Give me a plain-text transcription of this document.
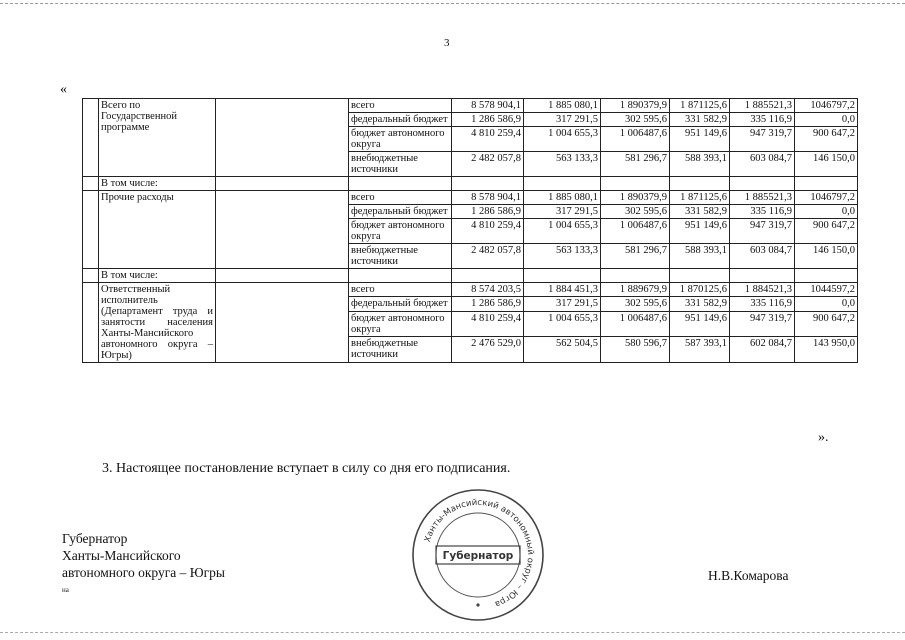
3
«
	Всего по Государственной программе		всего	8 578 904,1	1 885 080,1	1 890379,9	1 871125,6	1 885521,3	1046797,2
			федеральный бюджет	1 286 586,9	317 291,5	302 595,6	331 582,9	335 116,9	0,0
			бюджет автономного округа	4 810 259,4	1 004 655,3	1 006487,6	951 149,6	947 319,7	900 647,2
			внебюджетные источники	2 482 057,8	563 133,3	581 296,7	588 393,1	603 084,7	146 150,0
	В том числе:								
	Прочие расходы		всего	8 578 904,1	1 885 080,1	1 890379,9	1 871125,6	1 885521,3	1046797,2
			федеральный бюджет	1 286 586,9	317 291,5	302 595,6	331 582,9	335 116,9	0,0
			бюджет автономного округа	4 810 259,4	1 004 655,3	1 006487,6	951 149,6	947 319,7	900 647,2
			внебюджетные источники	2 482 057,8	563 133,3	581 296,7	588 393,1	603 084,7	146 150,0
	В том числе:								
	Ответственный исполнитель (Департамент труда и занятости населения Ханты-Мансийского автономного округа – Югры)		всего	8 574 203,5	1 884 451,3	1 889679,9	1 870125,6	1 884521,3	1044597,2
			федеральный бюджет	1 286 586,9	317 291,5	302 595,6	331 582,9	335 116,9	0,0
			бюджет автономного округа	4 810 259,4	1 004 655,3	1 006487,6	951 149,6	947 319,7	900 647,2
			внебюджетные источники	2 476 529,0	562 504,5	580 596,7	587 393,1	602 084,7	143 950,0
».
3. Настоящее постановление вступает в силу со дня его подписания.
Губернатор
Ханты-Мансийского
автономного округа – Югры
на
Н.В.Комарова
Ханты-Мансийский автономный округ – Югра
Губернатор
